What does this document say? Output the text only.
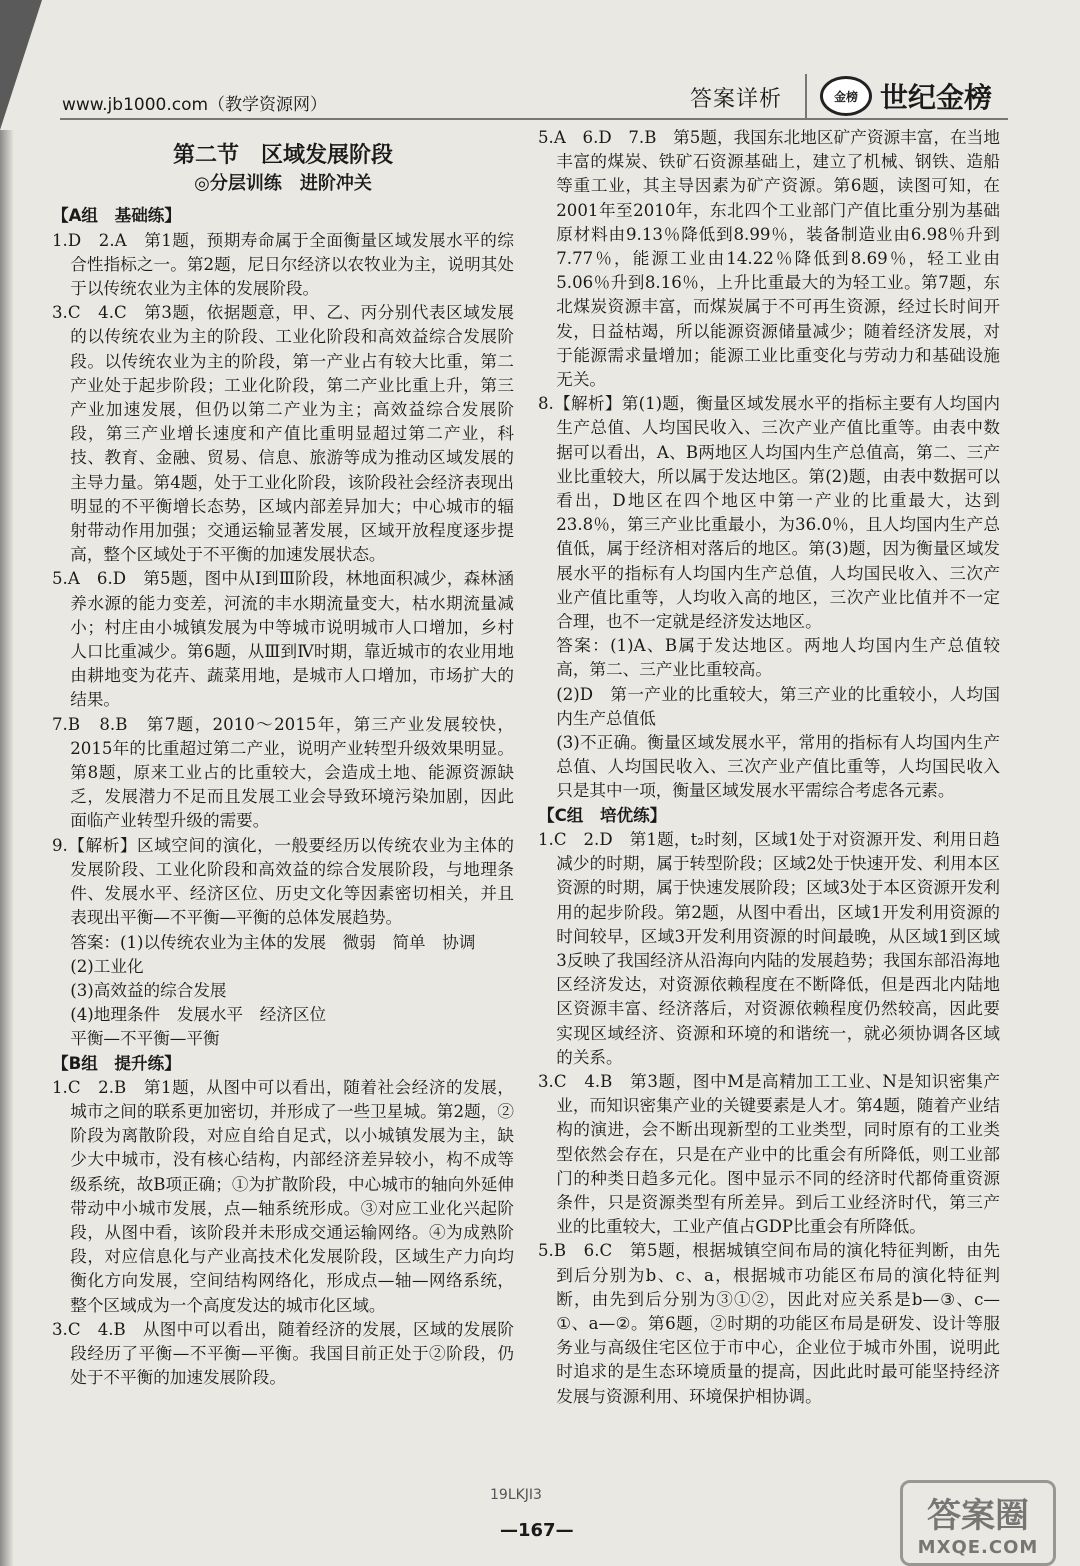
www.jb1000.com（教学资源网）	答案详析	金榜 世纪金榜
第二节　区域发展阶段
◎分层训练　进阶冲关
【A组　基础练】

1.D　2.A　第1题，预期寿命属于全面衡量区域发展水平的综合性指标之一。第2题，尼日尔经济以农牧业为主，说明其处于以传统农业为主体的发展阶段。

3.C　4.C　第3题，依据题意，甲、乙、丙分别代表区域发展的以传统农业为主的阶段、工业化阶段和高效益综合发展阶段。以传统农业为主的阶段，第一产业占有较大比重，第二产业处于起步阶段；工业化阶段，第二产业比重上升，第三产业加速发展，但仍以第二产业为主；高效益综合发展阶段，第三产业增长速度和产值比重明显超过第二产业，科技、教育、金融、贸易、信息、旅游等成为推动区域发展的主导力量。第4题，处于工业化阶段，该阶段社会经济表现出明显的不平衡增长态势，区域内部差异加大；中心城市的辐射带动作用加强；交通运输显著发展，区域开放程度逐步提高，整个区域处于不平衡的加速发展状态。

5.A　6.D　第5题，图中从Ⅰ到Ⅲ阶段，林地面积减少，森林涵养水源的能力变差，河流的丰水期流量变大，枯水期流量减小；村庄由小城镇发展为中等城市说明城市人口增加，乡村人口比重减少。第6题，从Ⅲ到Ⅳ时期，靠近城市的农业用地由耕地变为花卉、蔬菜用地，是城市人口增加，市场扩大的结果。

7.B　8.B　第7题，2010～2015年，第三产业发展较快，2015年的比重超过第二产业，说明产业转型升级效果明显。第8题，原来工业占的比重较大，会造成土地、能源资源缺乏，发展潜力不足而且发展工业会导致环境污染加剧，因此面临产业转型升级的需要。

9.【解析】区域空间的演化，一般要经历以传统农业为主体的发展阶段、工业化阶段和高效益的综合发展阶段，与地理条件、发展水平、经济区位、历史文化等因素密切相关，并且表现出平衡—不平衡—平衡的总体发展趋势。

答案：(1)以传统农业为主体的发展　微弱　简单　协调

(2)工业化

(3)高效益的综合发展

(4)地理条件　发展水平　经济区位

平衡—不平衡—平衡

【B组　提升练】

1.C　2.B　第1题，从图中可以看出，随着社会经济的发展，城市之间的联系更加密切，并形成了一些卫星城。第2题，②阶段为离散阶段，对应自给自足式，以小城镇发展为主，缺少大中城市，没有核心结构，内部经济差异较小，构不成等级系统，故B项正确；①为扩散阶段，中心城市的轴向外延伸带动中小城市发展，点—轴系统形成。③对应工业化兴起阶段，从图中看，该阶段并未形成交通运输网络。④为成熟阶段，对应信息化与产业高技术化发展阶段，区域生产力向均衡化方向发展，空间结构网络化，形成点—轴—网络系统，整个区域成为一个高度发达的城市化区域。

3.C　4.B　从图中可以看出，随着经济的发展，区域的发展阶段经历了平衡—不平衡—平衡。我国目前正处于②阶段，仍处于不平衡的加速发展阶段。

5.A　6.D　7.B　第5题，我国东北地区矿产资源丰富，在当地丰富的煤炭、铁矿石资源基础上，建立了机械、钢铁、造船等重工业，其主导因素为矿产资源。第6题，读图可知，在2001年至2010年，东北四个工业部门产值比重分别为基础原材料由9.13％降低到8.99％，装备制造业由6.98％升到7.77％，能源工业由14.22％降低到8.69％，轻工业由5.06％升到8.16％，上升比重最大的为轻工业。第7题，东北煤炭资源丰富，而煤炭属于不可再生资源，经过长时间开发，日益枯竭，所以能源资源储量减少；随着经济发展，对于能源需求量增加；能源工业比重变化与劳动力和基础设施无关。

8.【解析】第(1)题，衡量区域发展水平的指标主要有人均国内生产总值、人均国民收入、三次产业产值比重等。由表中数据可以看出，A、B两地区人均国内生产总值高，第二、三产业比重较大，所以属于发达地区。第(2)题，由表中数据可以看出，D地区在四个地区中第一产业的比重最大，达到23.8％，第三产业比重最小，为36.0％，且人均国内生产总值低，属于经济相对落后的地区。第(3)题，因为衡量区域发展水平的指标有人均国内生产总值，人均国民收入、三次产业产值比重等，人均收入高的地区，三次产业比值并不一定合理，也不一定就是经济发达地区。

答案：(1)A、B属于发达地区。两地人均国内生产总值较高，第二、三产业比重较高。

(2)D　第一产业的比重较大，第三产业的比重较小，人均国内生产总值低

(3)不正确。衡量区域发展水平，常用的指标有人均国内生产总值、人均国民收入、三次产业产值比重等，人均国民收入只是其中一项，衡量区域发展水平需综合考虑各元素。

【C组　培优练】

1.C　2.D　第1题，t₂时刻，区域1处于对资源开发、利用日趋减少的时期，属于转型阶段；区域2处于快速开发、利用本区资源的时期，属于快速发展阶段；区域3处于本区资源开发利用的起步阶段。第2题，从图中看出，区域1开发利用资源的时间较早，区域3开发利用资源的时间最晚，从区域1到区域3反映了我国经济从沿海向内陆的发展趋势；我国东部沿海地区经济发达，对资源依赖程度在不断降低，但是西北内陆地区资源丰富、经济落后，对资源依赖程度仍然较高，因此要实现区域经济、资源和环境的和谐统一，就必须协调各区域的关系。

3.C　4.B　第3题，图中M是高精加工工业、N是知识密集产业，而知识密集产业的关键要素是人才。第4题，随着产业结构的演进，会不断出现新型的工业类型，同时原有的工业类型依然会存在，只是在产业中的比重会有所降低，则工业部门的种类日趋多元化。图中显示不同的经济时代都倚重资源条件，只是资源类型有所差异。到后工业经济时代，第三产业的比重较大，工业产值占GDP比重会有所降低。

5.B　6.C　第5题，根据城镇空间布局的演化特征判断，由先到后分别为b、c、a，根据城市功能区布局的演化特征判断，由先到后分别为③①②，因此对应关系是b—③、c—①、a—②。第6题，②时期的功能区布局是研发、设计等服务业与高级住宅区位于市中心，企业位于城市外围，说明此时追求的是生态环境质量的提高，因此此时最可能坚持经济发展与资源利用、环境保护相协调。

19LKJI3
—167—	答案圈
MXQE.COM
